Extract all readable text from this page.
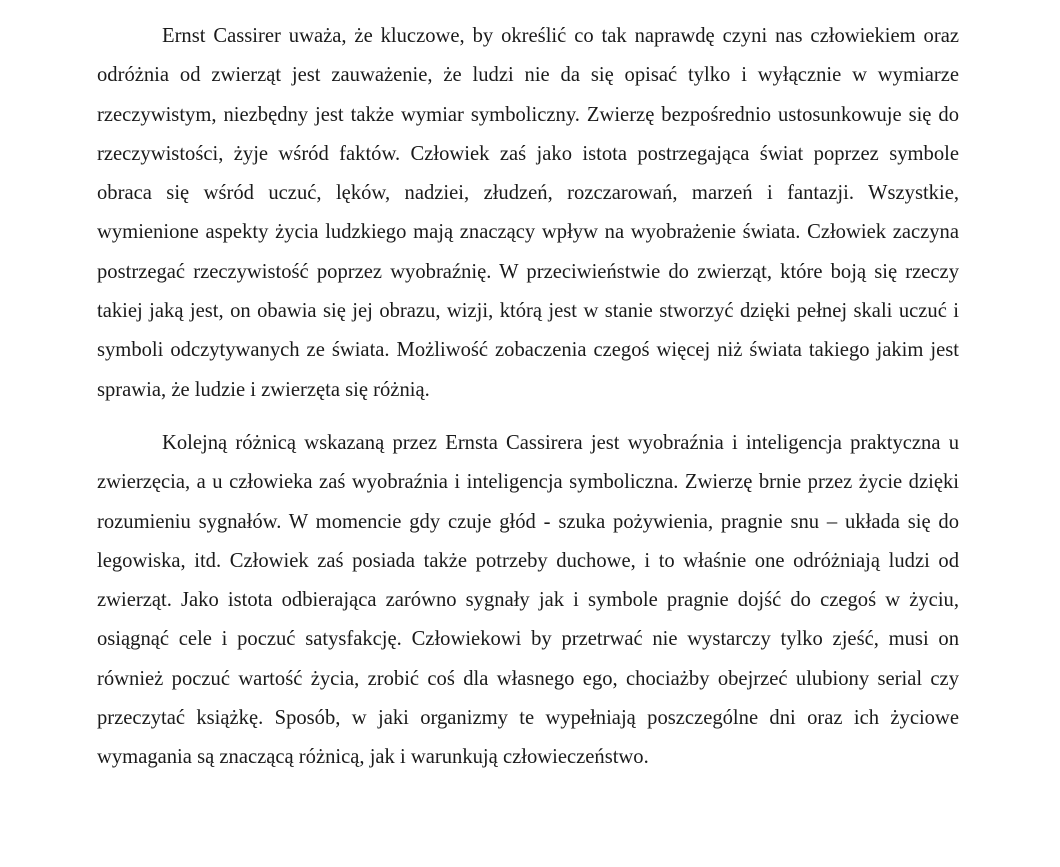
Ernst Cassirer uważa, że kluczowe, by określić co tak naprawdę czyni nas człowiekiem oraz odróżnia od zwierząt jest zauważenie, że ludzi nie da się opisać tylko i wyłącznie w wymiarze rzeczywistym, niezbędny jest także wymiar symboliczny. Zwierzę bezpośrednio ustosunkowuje się do rzeczywistości, żyje wśród faktów. Człowiek zaś jako istota postrzegająca świat poprzez symbole obraca się wśród uczuć, lęków, nadziei, złudzeń, rozczarowań, marzeń i fantazji. Wszystkie, wymienione aspekty życia ludzkiego mają znaczący wpływ na wyobrażenie świata. Człowiek zaczyna postrzegać rzeczywistość poprzez wyobraźnię. W przeciwieństwie do zwierząt, które boją się rzeczy takiej jaką jest, on obawia się jej obrazu, wizji, którą jest w stanie stworzyć dzięki pełnej skali uczuć i symboli odczytywanych ze świata. Możliwość zobaczenia czegoś więcej niż świata takiego jakim jest sprawia, że ludzie i zwierzęta się różnią.

Kolejną różnicą wskazaną przez Ernsta Cassirera jest wyobraźnia i inteligencja praktyczna u zwierzęcia, a u człowieka zaś wyobraźnia i inteligencja symboliczna. Zwierzę brnie przez życie dzięki rozumieniu sygnałów. W momencie gdy czuje głód - szuka pożywienia, pragnie snu – układa się do legowiska, itd. Człowiek zaś posiada także potrzeby duchowe, i to właśnie one odróżniają ludzi od zwierząt. Jako istota odbierająca zarówno sygnały jak i symbole pragnie dojść do czegoś w życiu, osiągnąć cele i poczuć satysfakcję. Człowiekowi by przetrwać nie wystarczy tylko zjeść, musi on również poczuć wartość życia, zrobić coś dla własnego ego, chociażby obejrzeć ulubiony serial czy przeczytać książkę. Sposób, w jaki organizmy te wypełniają poszczególne dni oraz ich życiowe wymagania są znaczącą różnicą, jak i warunkują człowieczeństwo.
